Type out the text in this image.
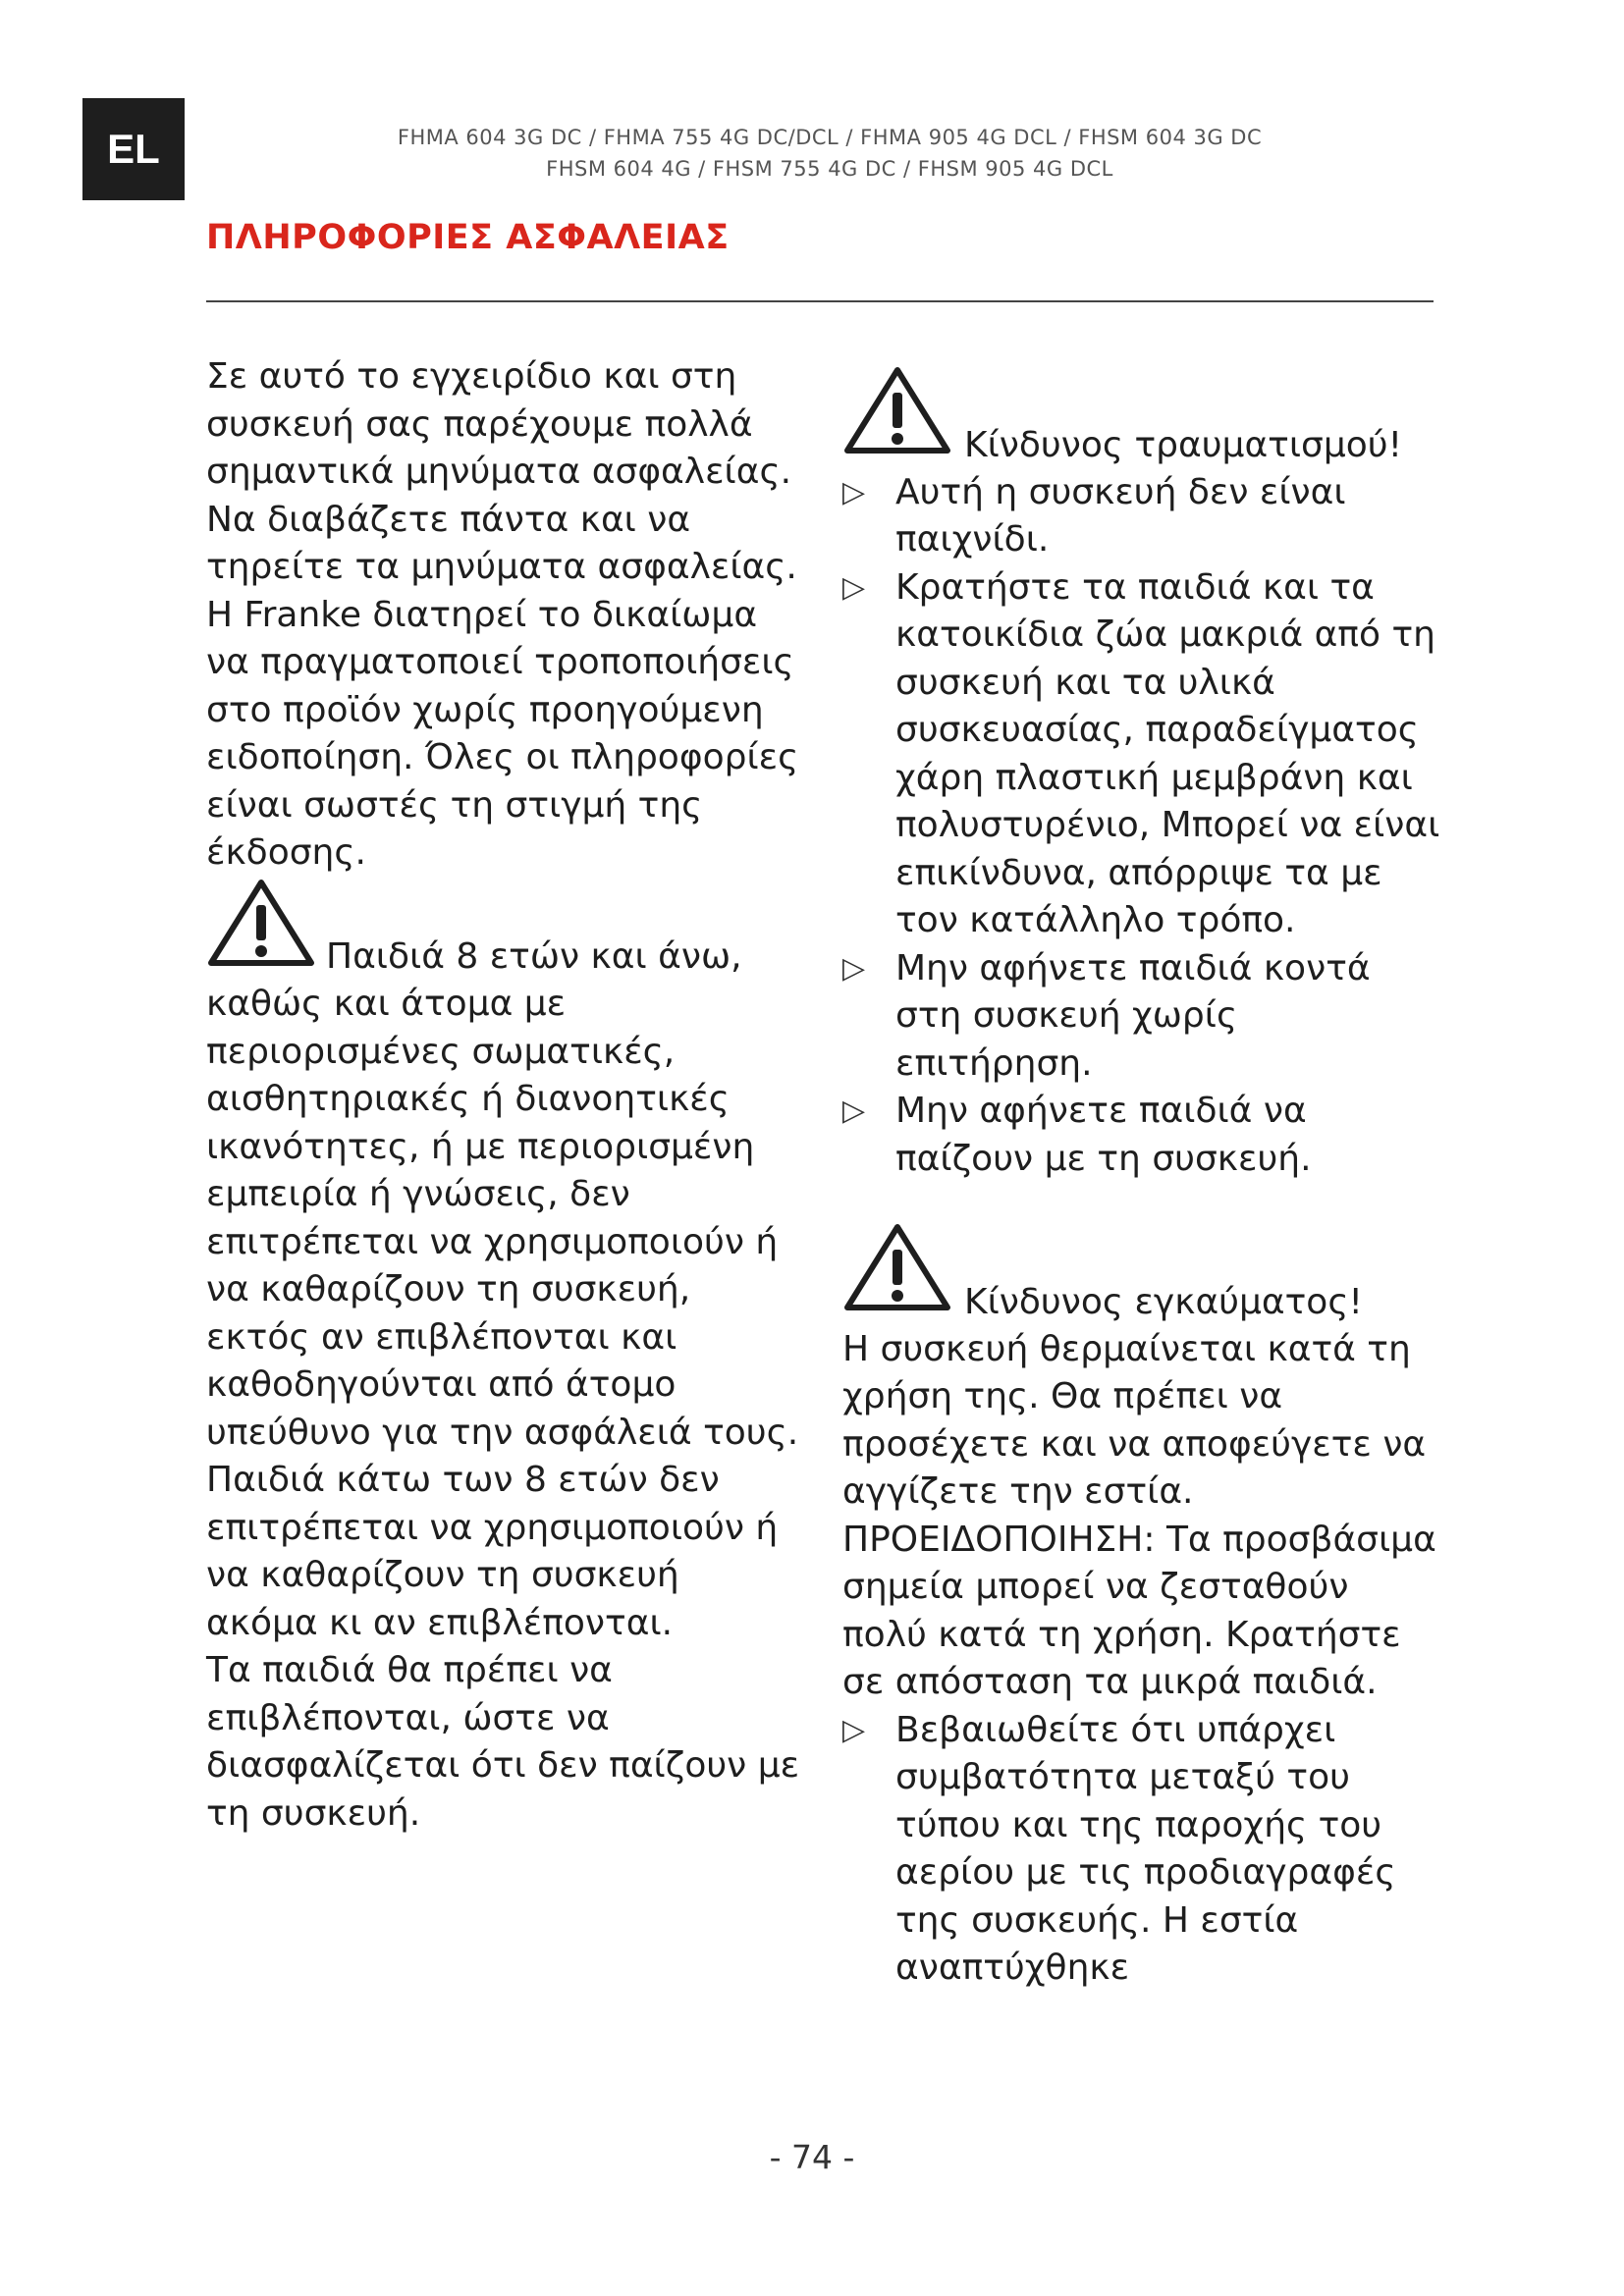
EL	FHMA 604 3G DC / FHMA 755 4G DC/DCL / FHMA 905 4G DCL / FHSM 604 3G DC
FHSM 604 4G / FHSM 755 4G DC / FHSM 905 4G DCL
ΠΛΗΡΟΦΟΡΙΕΣ ΑΣΦΑΛΕΙΑΣ

Σε αυτό το εγχειρίδιο και στη συσκευή σας παρέχουμε πολλά σημαντικά μηνύματα ασφαλείας. Να διαβάζετε πάντα και να τηρείτε τα μηνύματα ασφαλείας.

Η Franke διατηρεί το δικαίωμα να πραγματοποιεί τροποποιήσεις στο προϊόν χωρίς προηγούμενη ειδοποίηση. Όλες οι πληροφορίες είναι σωστές τη στιγμή της έκδοσης.

Παιδιά 8 ετών και άνω, καθώς και άτομα με περιορισμένες σωματικές, αισθητηριακές ή διανοητικές ικανότητες, ή με περιορισμένη εμπειρία ή γνώσεις, δεν επιτρέπεται να χρησιμοποιούν ή να καθαρίζουν τη συσκευή, εκτός αν επιβλέπονται και καθοδηγούνται από άτομο υπεύθυνο για την ασφάλειά τους.

Παιδιά κάτω των 8 ετών δεν επιτρέπεται να χρησιμοποιούν ή να καθαρίζουν τη συσκευή ακόμα κι αν επιβλέπονται.

Τα παιδιά θα πρέπει να επιβλέπονται, ώστε να διασφαλίζεται ότι δεν παίζουν με τη συσκευή.

Κίνδυνος τραυματισμού!
▷ Αυτή η συσκευή δεν είναι παιχνίδι.
▷ Κρατήστε τα παιδιά και τα κατοικίδια ζώα μακριά από τη συσκευή και τα υλικά συσκευασίας, παραδείγματος χάρη πλαστική μεμβράνη και πολυστυρένιο, Μπορεί να είναι επικίνδυνα, απόρριψε τα με τον κατάλληλο τρόπο.
▷ Μην αφήνετε παιδιά κοντά στη συσκευή χωρίς επιτήρηση.
▷ Μην αφήνετε παιδιά να παίζουν με τη συσκευή.
Κίνδυνος εγκαύματος!

Η συσκευή θερμαίνεται κατά τη χρήση της. Θα πρέπει να προσέχετε και να αποφεύγετε να αγγίζετε την εστία.

ΠΡΟΕΙΔΟΠΟΙΗΣΗ: Τα προσβάσιμα σημεία μπορεί να ζεσταθούν πολύ κατά τη χρήση. Κρατήστε σε απόσταση τα μικρά παιδιά.

▷ Βεβαιωθείτε ότι υπάρχει συμβατότητα μεταξύ του τύπου και της παροχής του αερίου με τις προδιαγραφές της συσκευής. Η εστία αναπτύχθηκε
- 74 -
